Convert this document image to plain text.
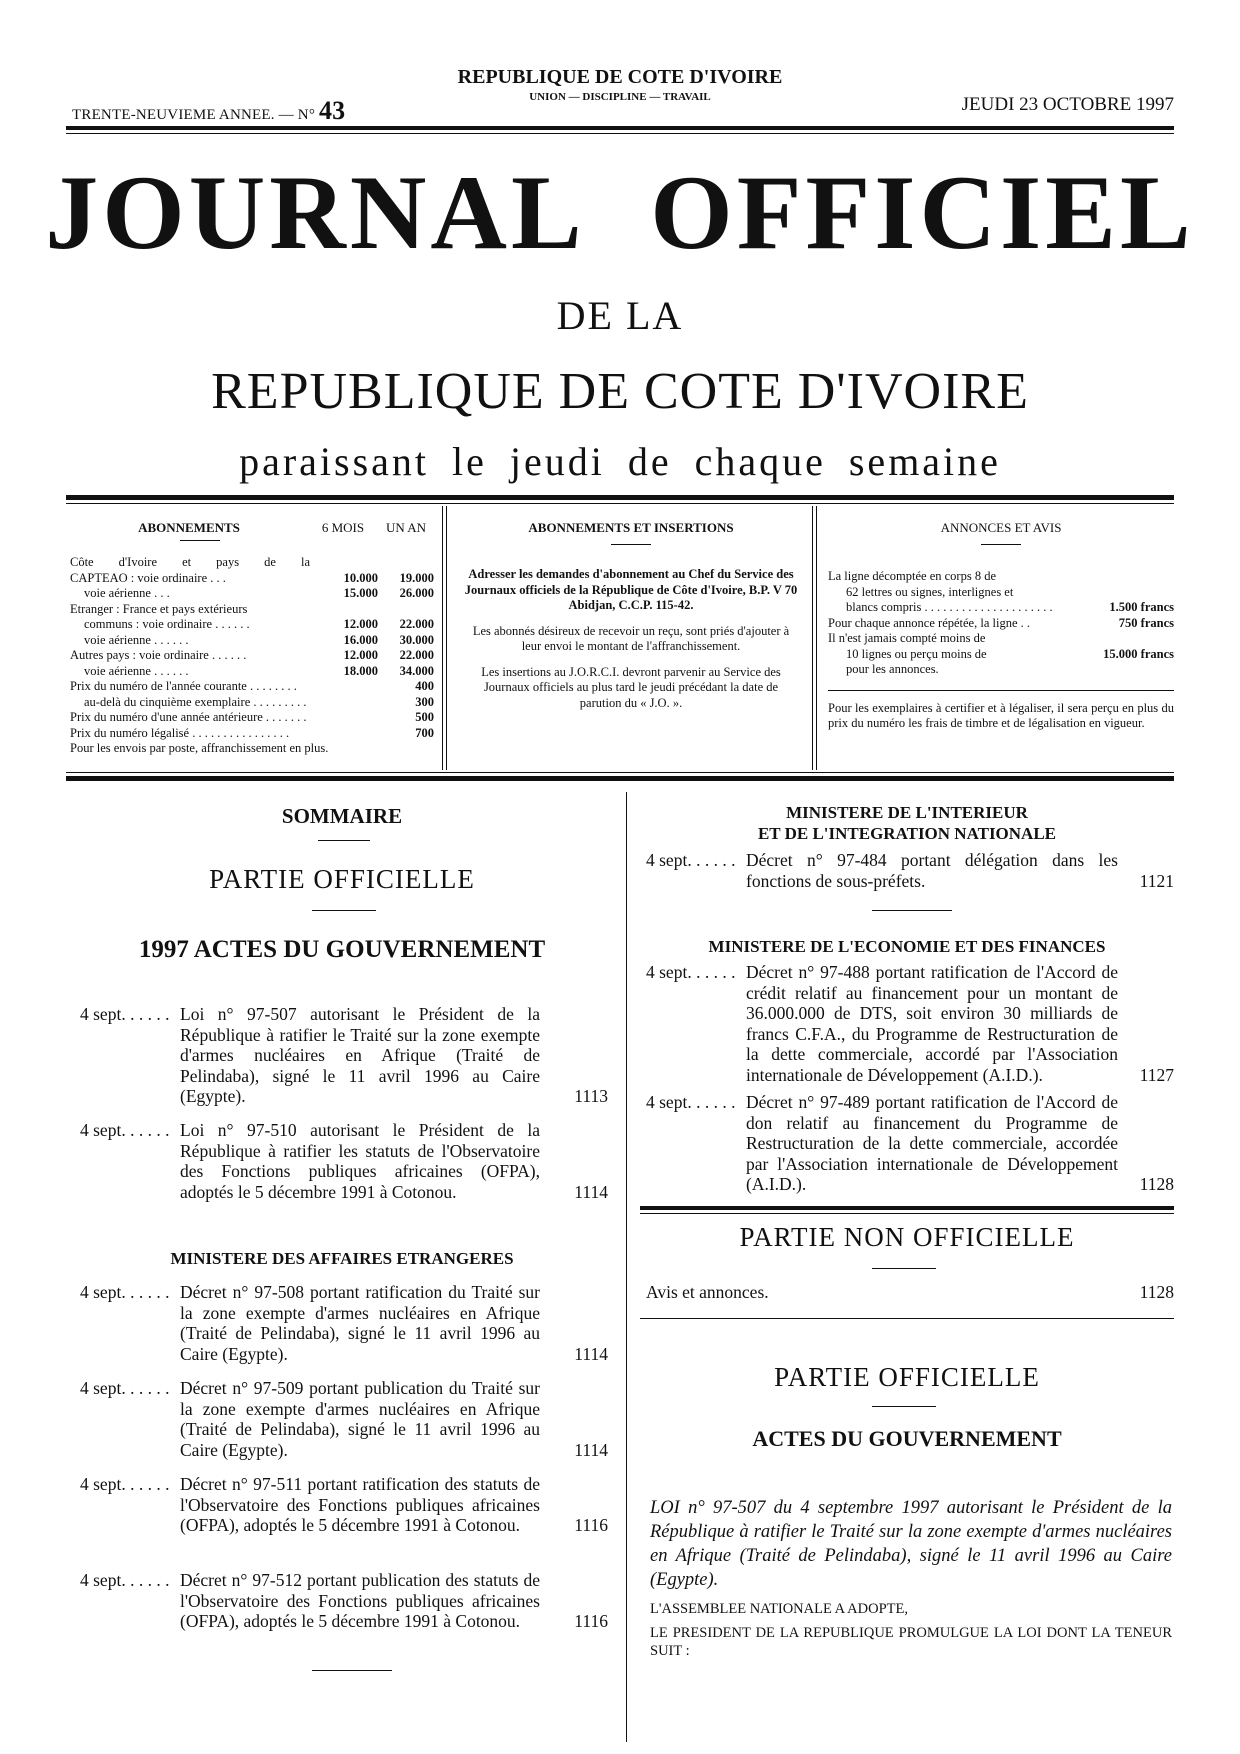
TRENTE-NEUVIEME ANNEE. — N° 43
REPUBLIQUE DE COTE D'IVOIRE
UNION — DISCIPLINE — TRAVAIL	JEUDI 23 OCTOBRE 1997
JOURNAL OFFICIEL
DE LA
REPUBLIQUE DE COTE D'IVOIRE
paraissant le jeudi de chaque semaine
ABONNEMENTS	6 MOIS	UN AN
Côte d'Ivoire et pays de la
CAPTEAO : voie ordinaire . . .	10.000	19.000
voie aérienne . . .	15.000	26.000
Etranger : France et pays extérieurs
communs : voie ordinaire . . . . . .	12.000	22.000
voie aérienne . . . . . .	16.000	30.000
Autres pays : voie ordinaire . . . . . .	12.000	22.000
voie aérienne . . . . . .	18.000	34.000
Prix du numéro de l'année courante . . . . . . . .	400
au-delà du cinquième exemplaire . . . . . . . . .	300
Prix du numéro d'une année antérieure . . . . . . .	500
Prix du numéro légalisé . . . . . . . . . . . . . . . .	700
Pour les envois par poste, affranchissement en plus.
ABONNEMENTS ET INSERTIONS
Adresser les demandes d'abonnement au Chef du Service des Journaux officiels de la République de Côte d'Ivoire, B.P. V 70 Abidjan, C.C.P. 115-42.
Les abonnés désireux de recevoir un reçu, sont priés d'ajouter à leur envoi le montant de l'affranchissement.
Les insertions au J.O.R.C.I. devront parvenir au Service des Journaux officiels au plus tard le jeudi précédant la date de parution du « J.O. ».
ANNONCES ET AVIS
La ligne décomptée en corps 8 de
62 lettres ou signes, interlignes et
blancs compris . . . . . . . . . . . . . . . . . . . . .	1.500 francs
Pour chaque annonce répétée, la ligne . .	750 francs
Il n'est jamais compté moins de
10 lignes ou perçu moins de	15.000 francs
pour les annonces.
Pour les exemplaires à certifier et à légaliser, il sera perçu en plus du prix du numéro les frais de timbre et de légalisation en vigueur.
SOMMAIRE
PARTIE OFFICIELLE
1997 ACTES DU GOUVERNEMENT
4 sept. . . . . . Loi n° 97-507 autorisant le Président de la République à ratifier le Traité sur la zone exempte d'armes nucléaires en Afrique (Traité de Pelindaba), signé le 11 avril 1996 au Caire (Egypte).	1113
4 sept. . . . . . Loi n° 97-510 autorisant le Président de la République à ratifier les statuts de l'Observatoire des Fonctions publiques africaines (OFPA), adoptés le 5 décembre 1991 à Cotonou.	1114
MINISTERE DES AFFAIRES ETRANGERES
4 sept. . . . . . Décret n° 97-508 portant ratification du Traité sur la zone exempte d'armes nucléaires en Afrique (Traité de Pelindaba), signé le 11 avril 1996 au Caire (Egypte).	1114
4 sept. . . . . . Décret n° 97-509 portant publication du Traité sur la zone exempte d'armes nucléaires en Afrique (Traité de Pelindaba), signé le 11 avril 1996 au Caire (Egypte).	1114
4 sept. . . . . . Décret n° 97-511 portant ratification des statuts de l'Observatoire des Fonctions publiques africaines (OFPA), adoptés le 5 décembre 1991 à Cotonou.	1116
4 sept. . . . . . Décret n° 97-512 portant publication des statuts de l'Observatoire des Fonctions publiques africaines (OFPA), adoptés le 5 décembre 1991 à Cotonou.	1116
MINISTERE DE L'INTERIEUR
ET DE L'INTEGRATION NATIONALE
4 sept. . . . . . Décret n° 97-484 portant délégation dans les fonctions de sous-préfets.	1121
MINISTERE DE L'ECONOMIE ET DES FINANCES
4 sept. . . . . . Décret n° 97-488 portant ratification de l'Accord de crédit relatif au financement pour un montant de 36.000.000 de DTS, soit environ 30 milliards de francs C.F.A., du Programme de Restructuration de la dette commerciale, accordé par l'Association internationale de Développement (A.I.D.).	1127
4 sept. . . . . . Décret n° 97-489 portant ratification de l'Accord de don relatif au financement du Programme de Restructuration de la dette commerciale, accordée par l'Association internationale de Développement (A.I.D.).	1128
PARTIE NON OFFICIELLE
Avis et annonces.	1128
PARTIE OFFICIELLE
ACTES DU GOUVERNEMENT
LOI n° 97-507 du 4 septembre 1997 autorisant le Président de la République à ratifier le Traité sur la zone exempte d'armes nucléaires en Afrique (Traité de Pelindaba), signé le 11 avril 1996 au Caire (Egypte).
L'ASSEMBLEE NATIONALE A ADOPTE,
LE PRESIDENT DE LA REPUBLIQUE PROMULGUE LA LOI DONT LA TENEUR SUIT :
